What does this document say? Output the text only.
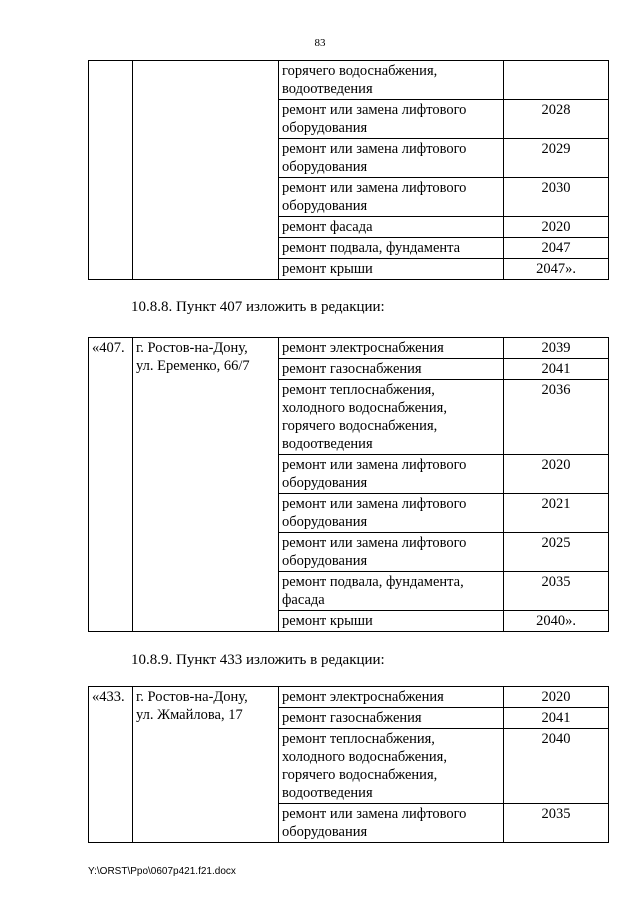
83
		горячего водоснабжения,
водоотведения	
		ремонт или замена лифтового
оборудования	2028
		ремонт или замена лифтового
оборудования	2029
		ремонт или замена лифтового
оборудования	2030
		ремонт фасада	2020
		ремонт подвала, фундамента	2047
		ремонт крыши	2047».
10.8.8. Пункт 407 изложить в редакции:
«407.	г. Ростов-на-Дону,
ул. Еременко, 66/7	ремонт электроснабжения	2039
		ремонт газоснабжения	2041
		ремонт теплоснабжения,
холодного водоснабжения,
горячего водоснабжения,
водоотведения	2036
		ремонт или замена лифтового
оборудования	2020
		ремонт или замена лифтового
оборудования	2021
		ремонт или замена лифтового
оборудования	2025
		ремонт подвала, фундамента,
фасада	2035
		ремонт крыши	2040».
10.8.9. Пункт 433 изложить в редакции:
«433.	г. Ростов-на-Дону,
ул. Жмайлова, 17	ремонт электроснабжения	2020
		ремонт газоснабжения	2041
		ремонт теплоснабжения,
холодного водоснабжения,
горячего водоснабжения,
водоотведения	2040
		ремонт или замена лифтового
оборудования	2035
Y:\ORST\Ppo\0607p421.f21.docx
